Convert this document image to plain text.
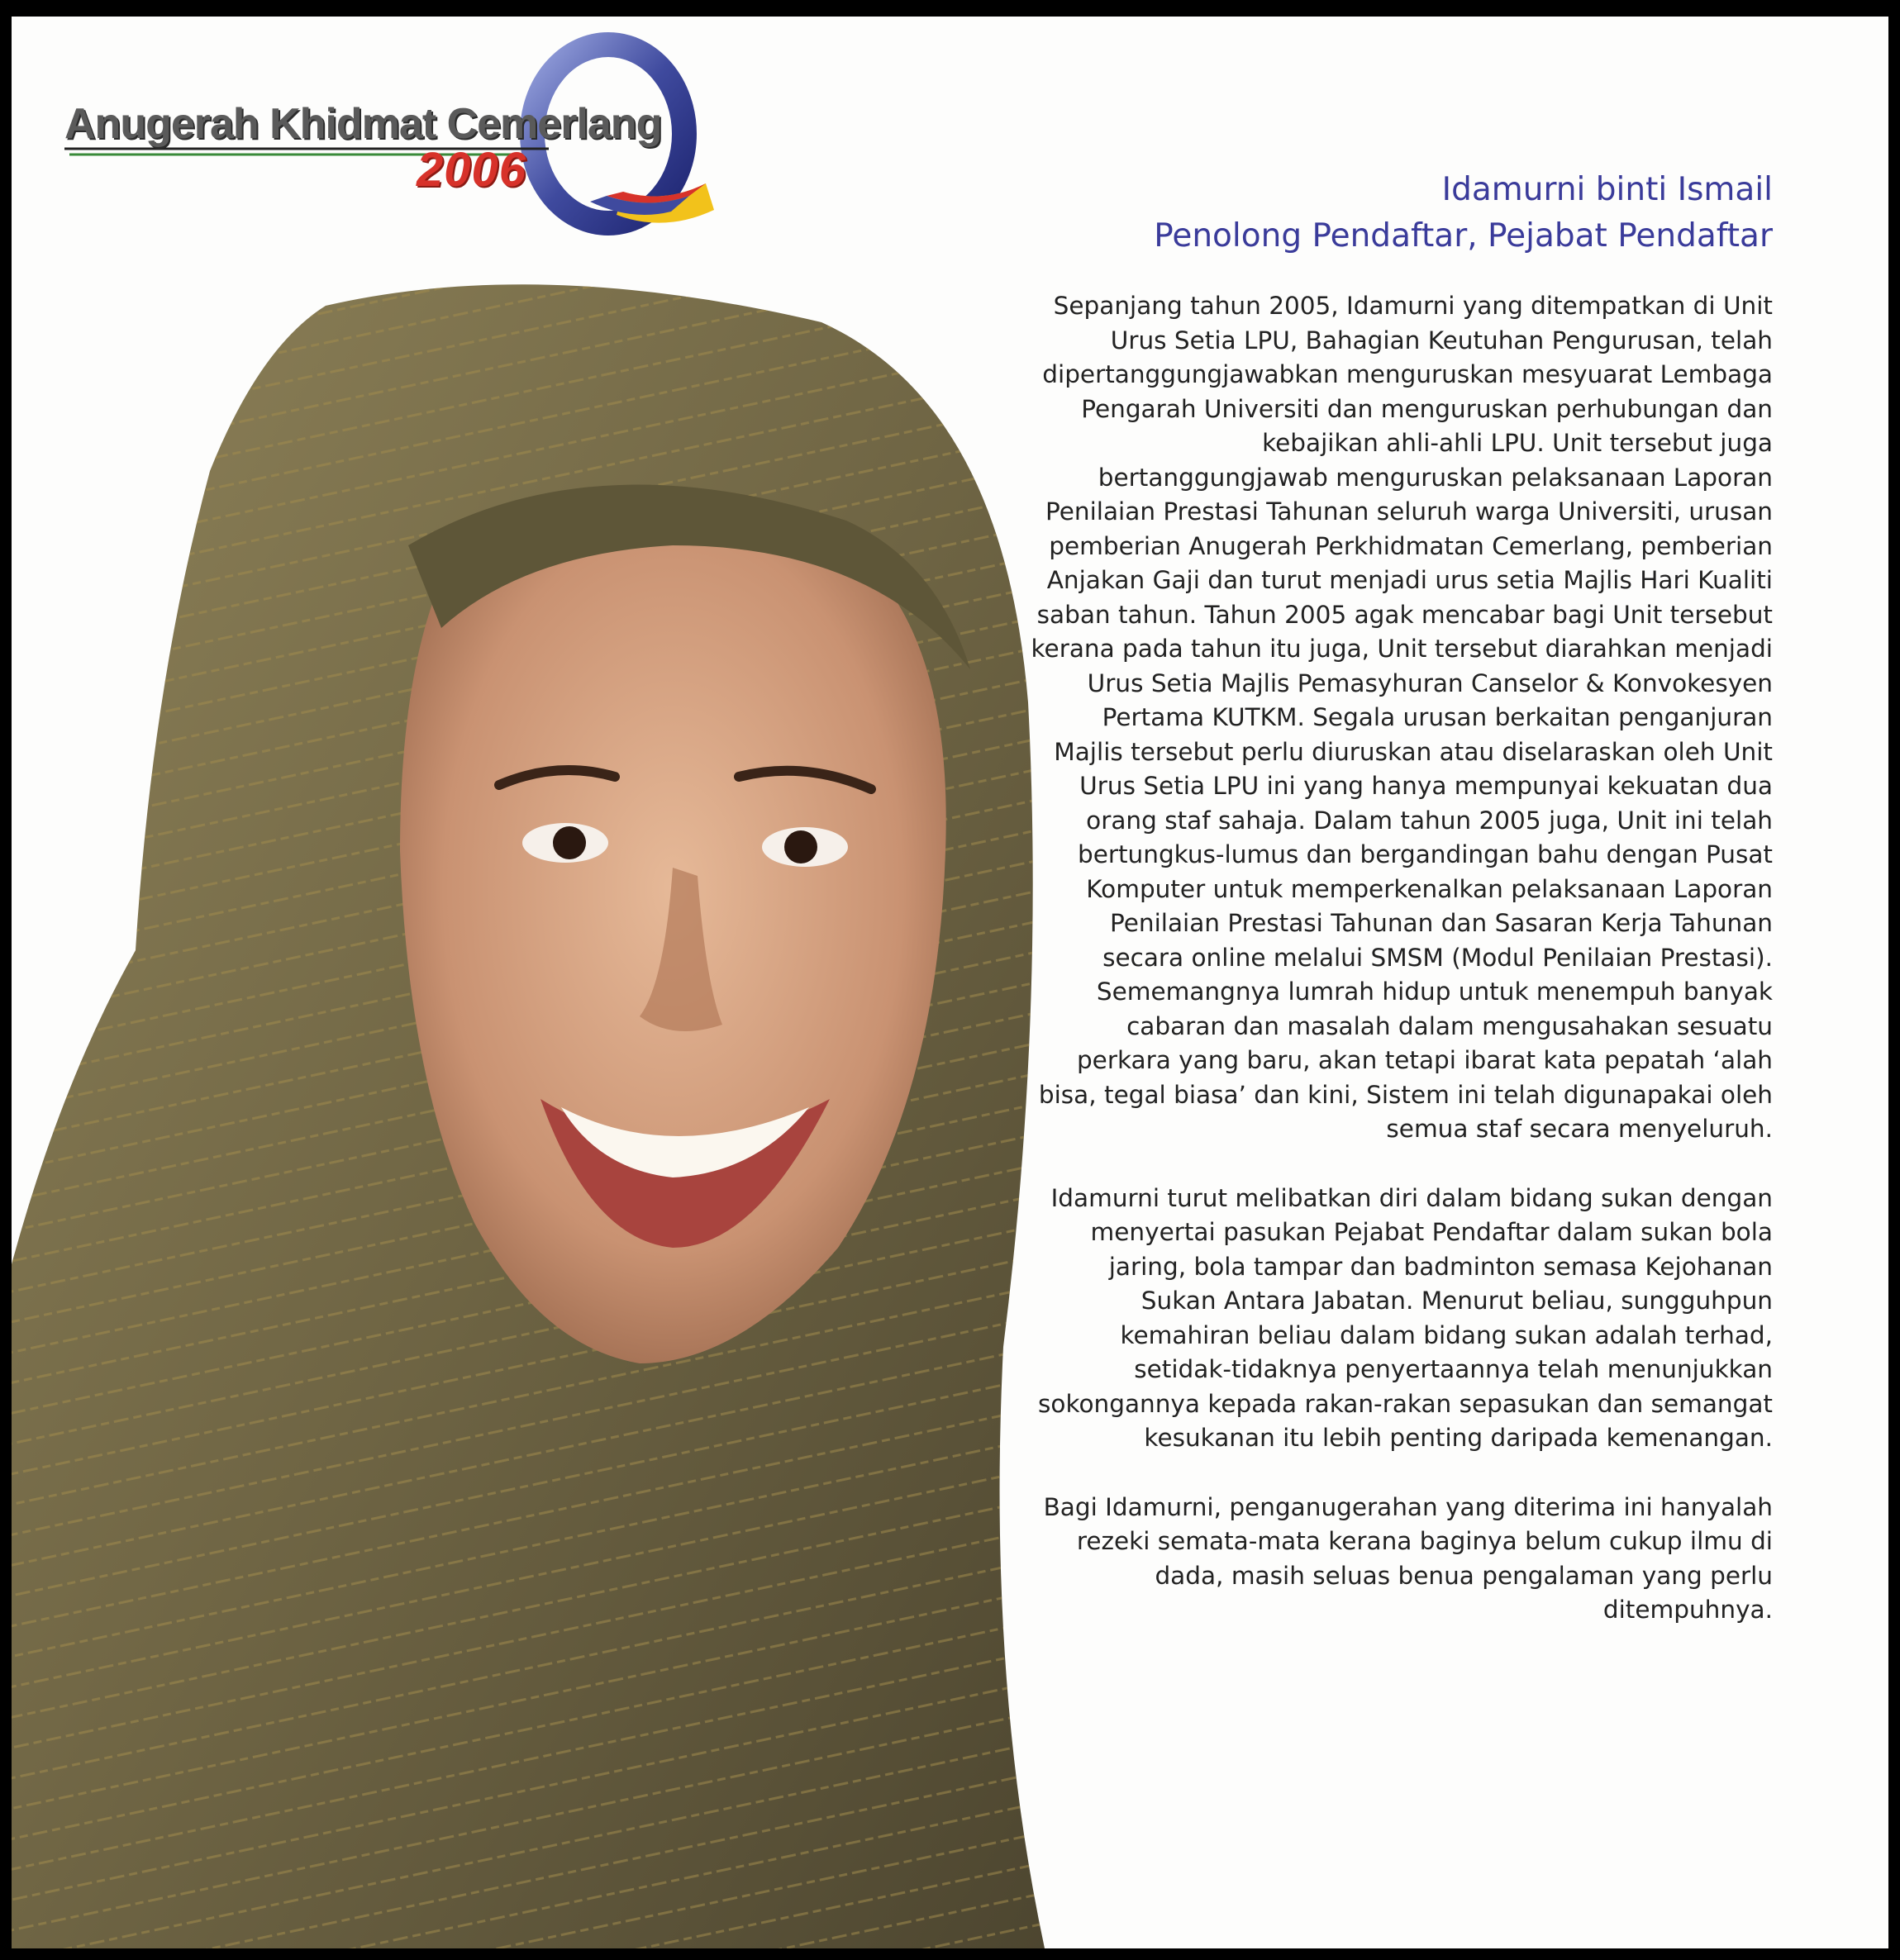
Anugerah Khidmat Cemerlang
2006	Idamurni binti Ismail
Penolong Pendaftar, Pejabat Pendaftar

Sepanjang tahun 2005, Idamurni yang ditempatkan di Unit Urus Setia LPU, Bahagian Keutuhan Pengurusan, telah dipertanggungjawabkan menguruskan mesyuarat Lembaga Pengarah Universiti dan menguruskan perhubungan dan kebajikan ahli-ahli LPU. Unit tersebut juga bertanggungjawab menguruskan pelaksanaan Laporan Penilaian Prestasi Tahunan seluruh warga Universiti, urusan pemberian Anugerah Perkhidmatan Cemerlang, pemberian Anjakan Gaji dan turut menjadi urus setia Majlis Hari Kualiti saban tahun. Tahun 2005 agak mencabar bagi Unit tersebut kerana pada tahun itu juga, Unit tersebut diarahkan menjadi Urus Setia Majlis Pemasyhuran Canselor & Konvokesyen Pertama KUTKM. Segala urusan berkaitan penganjuran Majlis tersebut perlu diuruskan atau diselaraskan oleh Unit Urus Setia LPU ini yang hanya mempunyai kekuatan dua orang staf sahaja. Dalam tahun 2005 juga, Unit ini telah bertungkus-lumus dan bergandingan bahu dengan Pusat Komputer untuk memperkenalkan pelaksanaan Laporan Penilaian Prestasi Tahunan dan Sasaran Kerja Tahunan secara online melalui SMSM (Modul Penilaian Prestasi). Sememangnya lumrah hidup untuk menempuh banyak cabaran dan masalah dalam mengusahakan sesuatu perkara yang baru, akan tetapi ibarat kata pepatah ‘alah bisa, tegal biasa’ dan kini, Sistem ini telah digunapakai oleh semua staf secara menyeluruh.

Idamurni turut melibatkan diri dalam bidang sukan dengan menyertai pasukan Pejabat Pendaftar dalam sukan bola jaring, bola tampar dan badminton semasa Kejohanan Sukan Antara Jabatan. Menurut beliau, sungguhpun kemahiran beliau dalam bidang sukan adalah terhad, setidak-tidaknya penyertaannya telah menunjukkan sokongannya kepada rakan-rakan sepasukan dan semangat kesukanan itu lebih penting daripada kemenangan.

Bagi Idamurni, penganugerahan yang diterima ini hanyalah rezeki semata-mata kerana baginya belum cukup ilmu di dada, masih seluas benua pengalaman yang perlu ditempuhnya.
